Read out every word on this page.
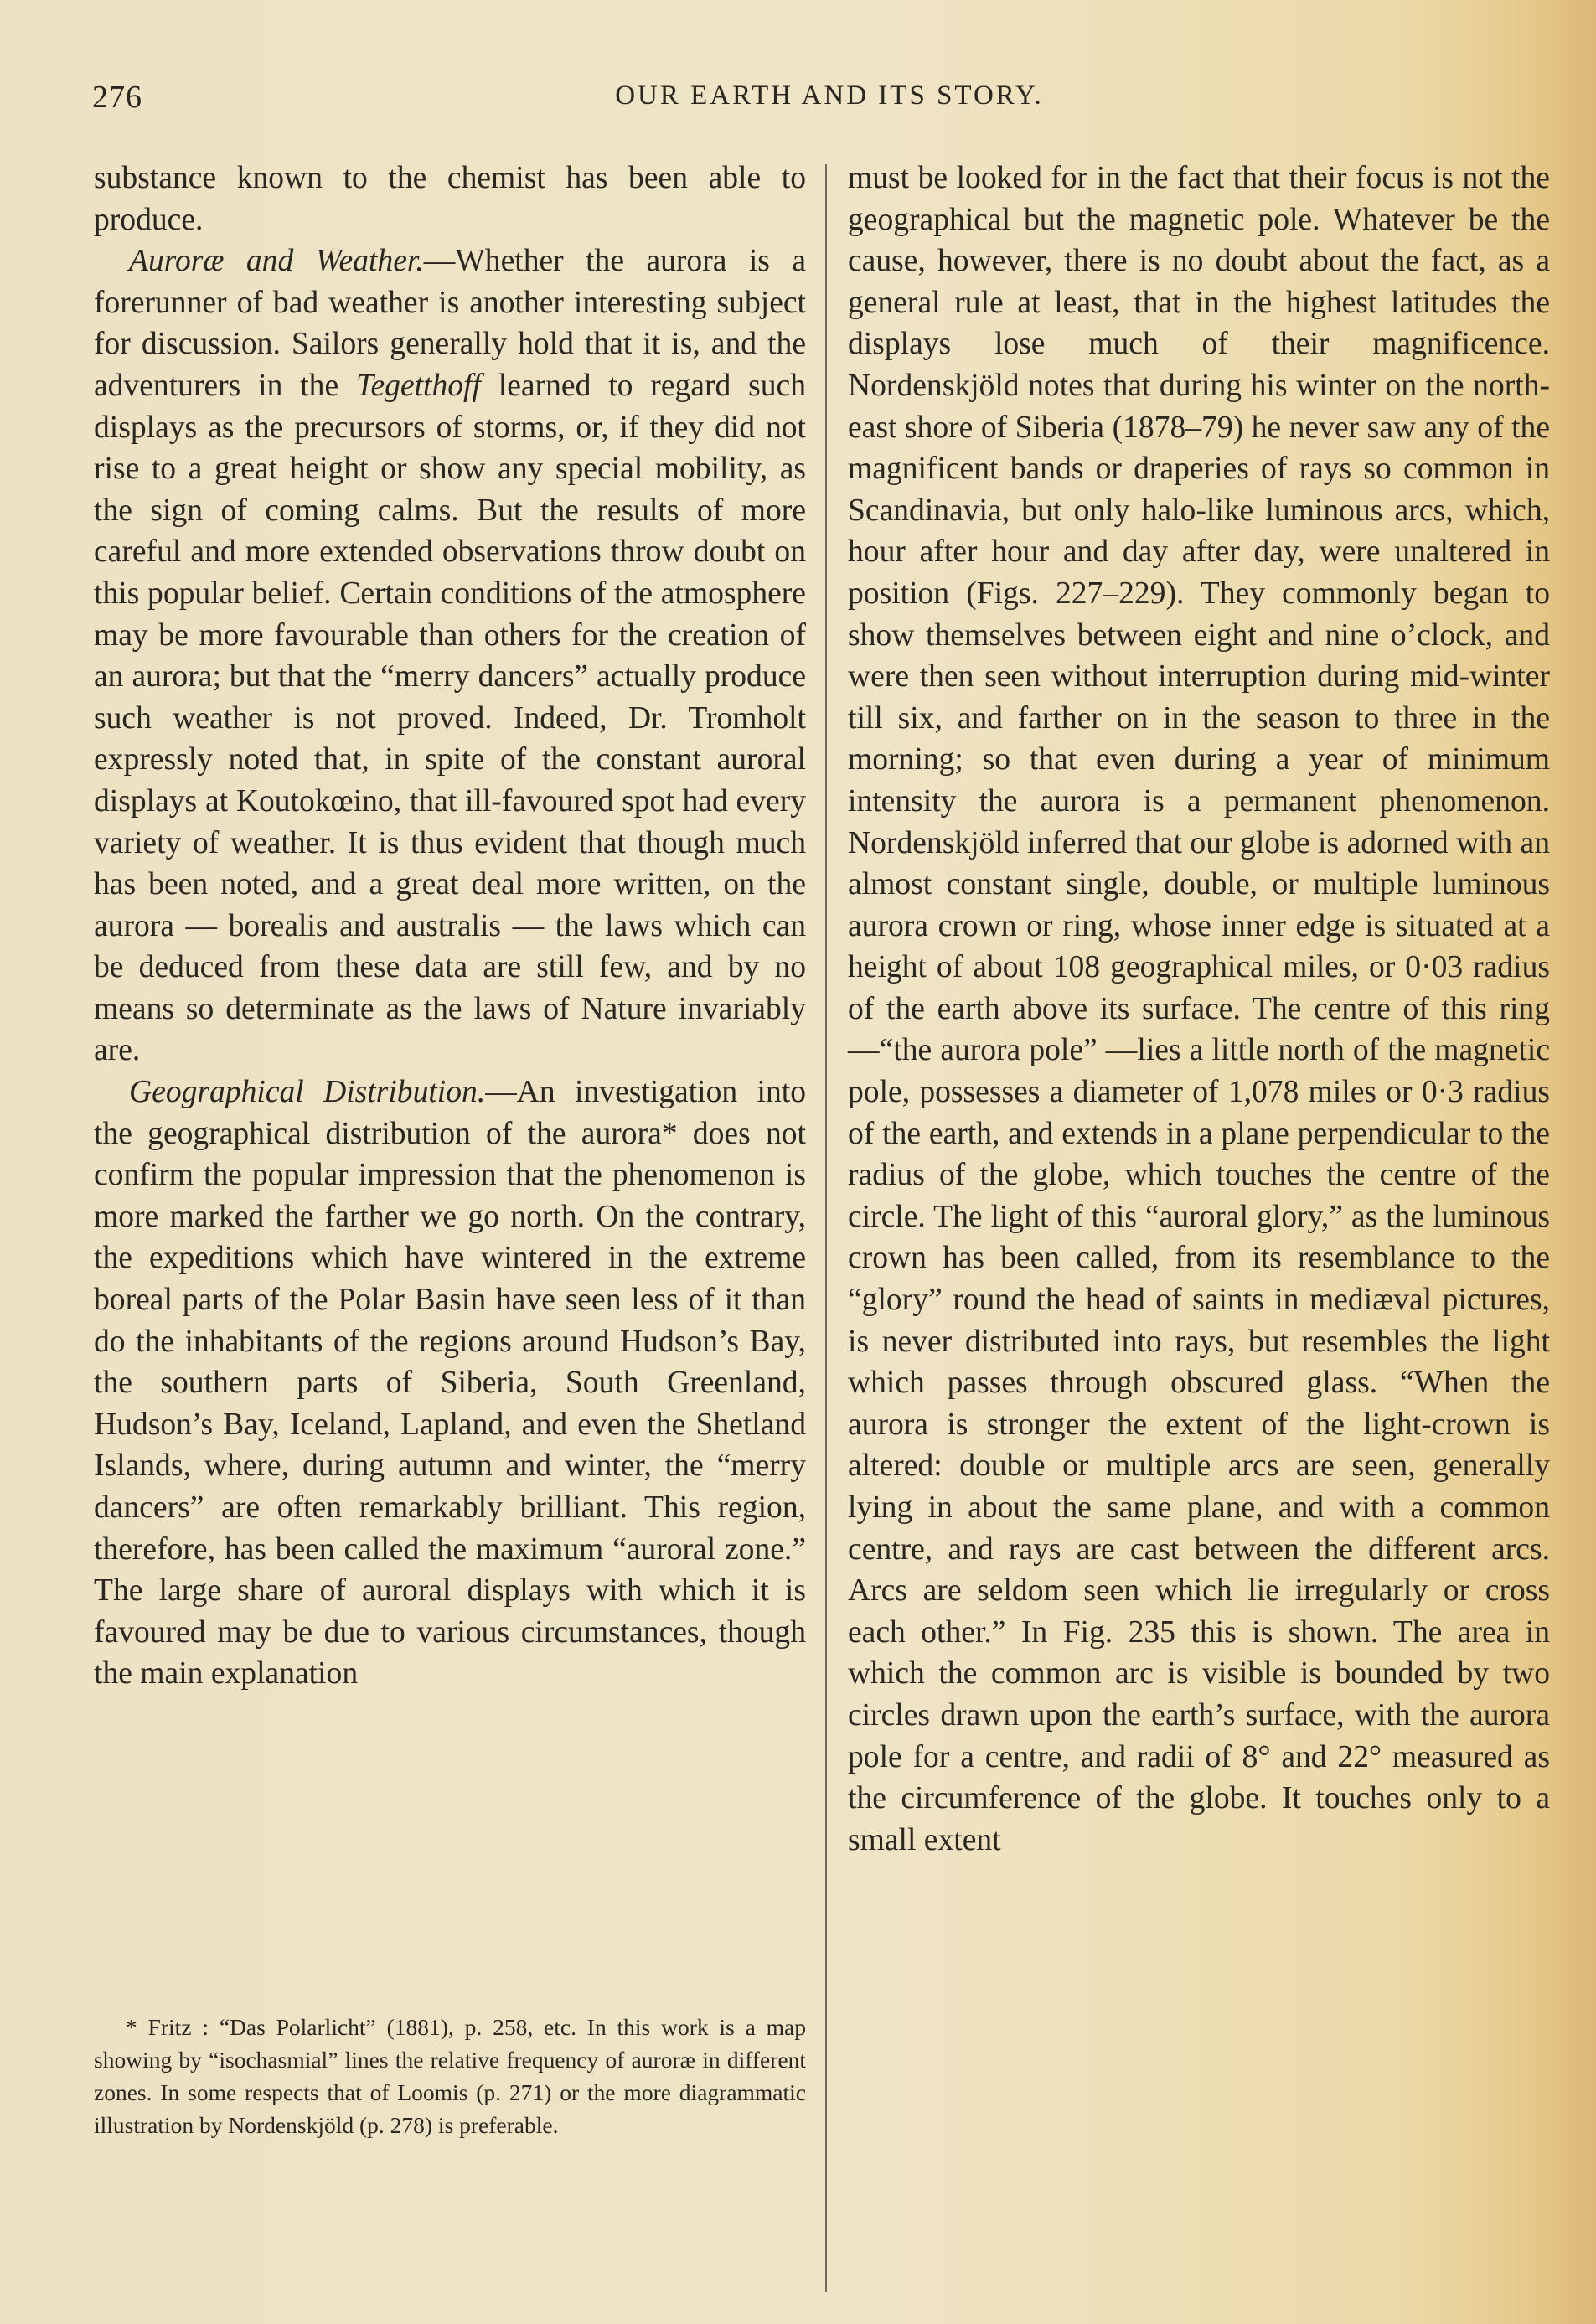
276	OUR EARTH AND ITS STORY.

substance known to the chemist has been able to produce.

Auroræ and Weather.—Whether the aurora is a forerunner of bad weather is another interesting subject for discussion. Sailors generally hold that it is, and the adventurers in the Tegetthoff learned to regard such displays as the precursors of storms, or, if they did not rise to a great height or show any special mobility, as the sign of coming calms. But the results of more careful and more extended observations throw doubt on this popular belief. Certain conditions of the atmosphere may be more favourable than others for the creation of an aurora; but that the “merry dancers” actually produce such weather is not proved. Indeed, Dr. Tromholt expressly noted that, in spite of the constant auroral displays at Koutokœino, that ill-favoured spot had every variety of weather. It is thus evident that though much has been noted, and a great deal more written, on the aurora — borealis and australis — the laws which can be deduced from these data are still few, and by no means so determinate as the laws of Nature invariably are.

Geographical Distribution.—An investigation into the geographical distribution of the aurora* does not confirm the popular impression that the phenomenon is more marked the farther we go north. On the contrary, the expeditions which have wintered in the extreme boreal parts of the Polar Basin have seen less of it than do the inhabitants of the regions around Hudson’s Bay, the southern parts of Siberia, South Greenland, Hudson’s Bay, Iceland, Lapland, and even the Shetland Islands, where, during autumn and winter, the “merry dancers” are often remarkably brilliant. This region, therefore, has been called the maximum “auroral zone.” The large share of auroral displays with which it is favoured may be due to various circumstances, though the main explanation

* Fritz : “Das Polarlicht” (1881), p. 258, etc. In this work is a map showing by “isochasmial” lines the relative frequency of auroræ in different zones. In some respects that of Loomis (p. 271) or the more diagrammatic illustration by Nordenskjöld (p. 278) is preferable.

must be looked for in the fact that their focus is not the geographical but the magnetic pole. Whatever be the cause, however, there is no doubt about the fact, as a general rule at least, that in the highest latitudes the displays lose much of their magnificence. Nordenskjöld notes that during his winter on the north-east shore of Siberia (1878–79) he never saw any of the magnificent bands or draperies of rays so common in Scandinavia, but only halo-like luminous arcs, which, hour after hour and day after day, were unaltered in position (Figs. 227–229). They commonly began to show themselves between eight and nine o’clock, and were then seen without interruption during mid-winter till six, and farther on in the season to three in the morning; so that even during a year of minimum intensity the aurora is a permanent phenomenon. Nordenskjöld inferred that our globe is adorned with an almost constant single, double, or multiple luminous aurora crown or ring, whose inner edge is situated at a height of about 108 geographical miles, or 0·03 radius of the earth above its surface. The centre of this ring—“the aurora pole” —lies a little north of the magnetic pole, possesses a diameter of 1,078 miles or 0·3 radius of the earth, and extends in a plane perpendicular to the radius of the globe, which touches the centre of the circle. The light of this “auroral glory,” as the luminous crown has been called, from its resemblance to the “glory” round the head of saints in mediæval pictures, is never distributed into rays, but resembles the light which passes through obscured glass. “When the aurora is stronger the extent of the light-crown is altered: double or multiple arcs are seen, generally lying in about the same plane, and with a common centre, and rays are cast between the different arcs. Arcs are seldom seen which lie irregularly or cross each other.” In Fig. 235 this is shown. The area in which the common arc is visible is bounded by two circles drawn upon the earth’s surface, with the aurora pole for a centre, and radii of 8° and 22° measured as the circumference of the globe. It touches only to a small extent
